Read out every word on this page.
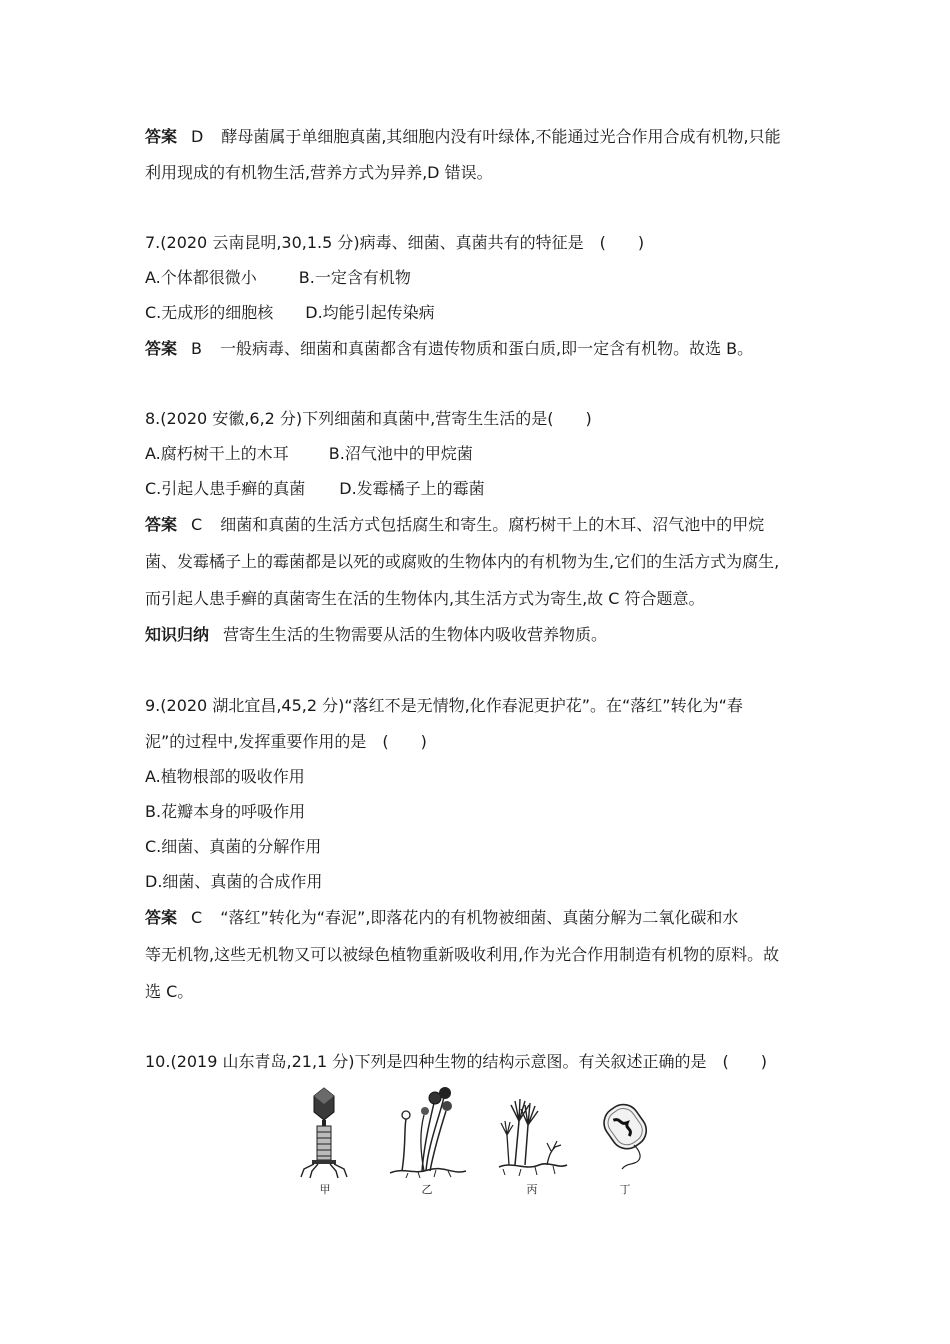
答案 D 酵母菌属于单细胞真菌,其细胞内没有叶绿体,不能通过光合作用合成有机物,只能
利用现成的有机物生活,营养方式为异养,D 错误。
7.(2020 云南昆明,30,1.5 分)病毒、细菌、真菌共有的特征是　(　　)
A.个体都很微小	B.一定含有机物
C.无成形的细胞核 D.均能引起传染病
答案 B 一般病毒、细菌和真菌都含有遗传物质和蛋白质,即一定含有机物。故选 B。
8.(2020 安徽,6,2 分)下列细菌和真菌中,营寄生生活的是(　　)
A.腐朽树干上的木耳	B.沼气池中的甲烷菌
C.引起人患手癣的真菌 D.发霉橘子上的霉菌
答案 C 细菌和真菌的生活方式包括腐生和寄生。腐朽树干上的木耳、沼气池中的甲烷
菌、发霉橘子上的霉菌都是以死的或腐败的生物体内的有机物为生,它们的生活方式为腐生,
而引起人患手癣的真菌寄生在活的生物体内,其生活方式为寄生,故 C 符合题意。
知识归纳 营寄生生活的生物需要从活的生物体内吸收营养物质。
9.(2020 湖北宜昌,45,2 分)“落红不是无情物,化作春泥更护花”。在“落红”转化为“春
泥”的过程中,发挥重要作用的是　(　　)
A.植物根部的吸收作用
B.花瓣本身的呼吸作用
C.细菌、真菌的分解作用
D.细菌、真菌的合成作用
答案 C “落红”转化为“春泥”,即落花内的有机物被细菌、真菌分解为二氧化碳和水
等无机物,这些无机物又可以被绿色植物重新吸收利用,作为光合作用制造有机物的原料。故
选 C。
10.(2019 山东青岛,21,1 分)下列是四种生物的结构示意图。有关叙述正确的是　(　　)
甲	乙	丙	丁
